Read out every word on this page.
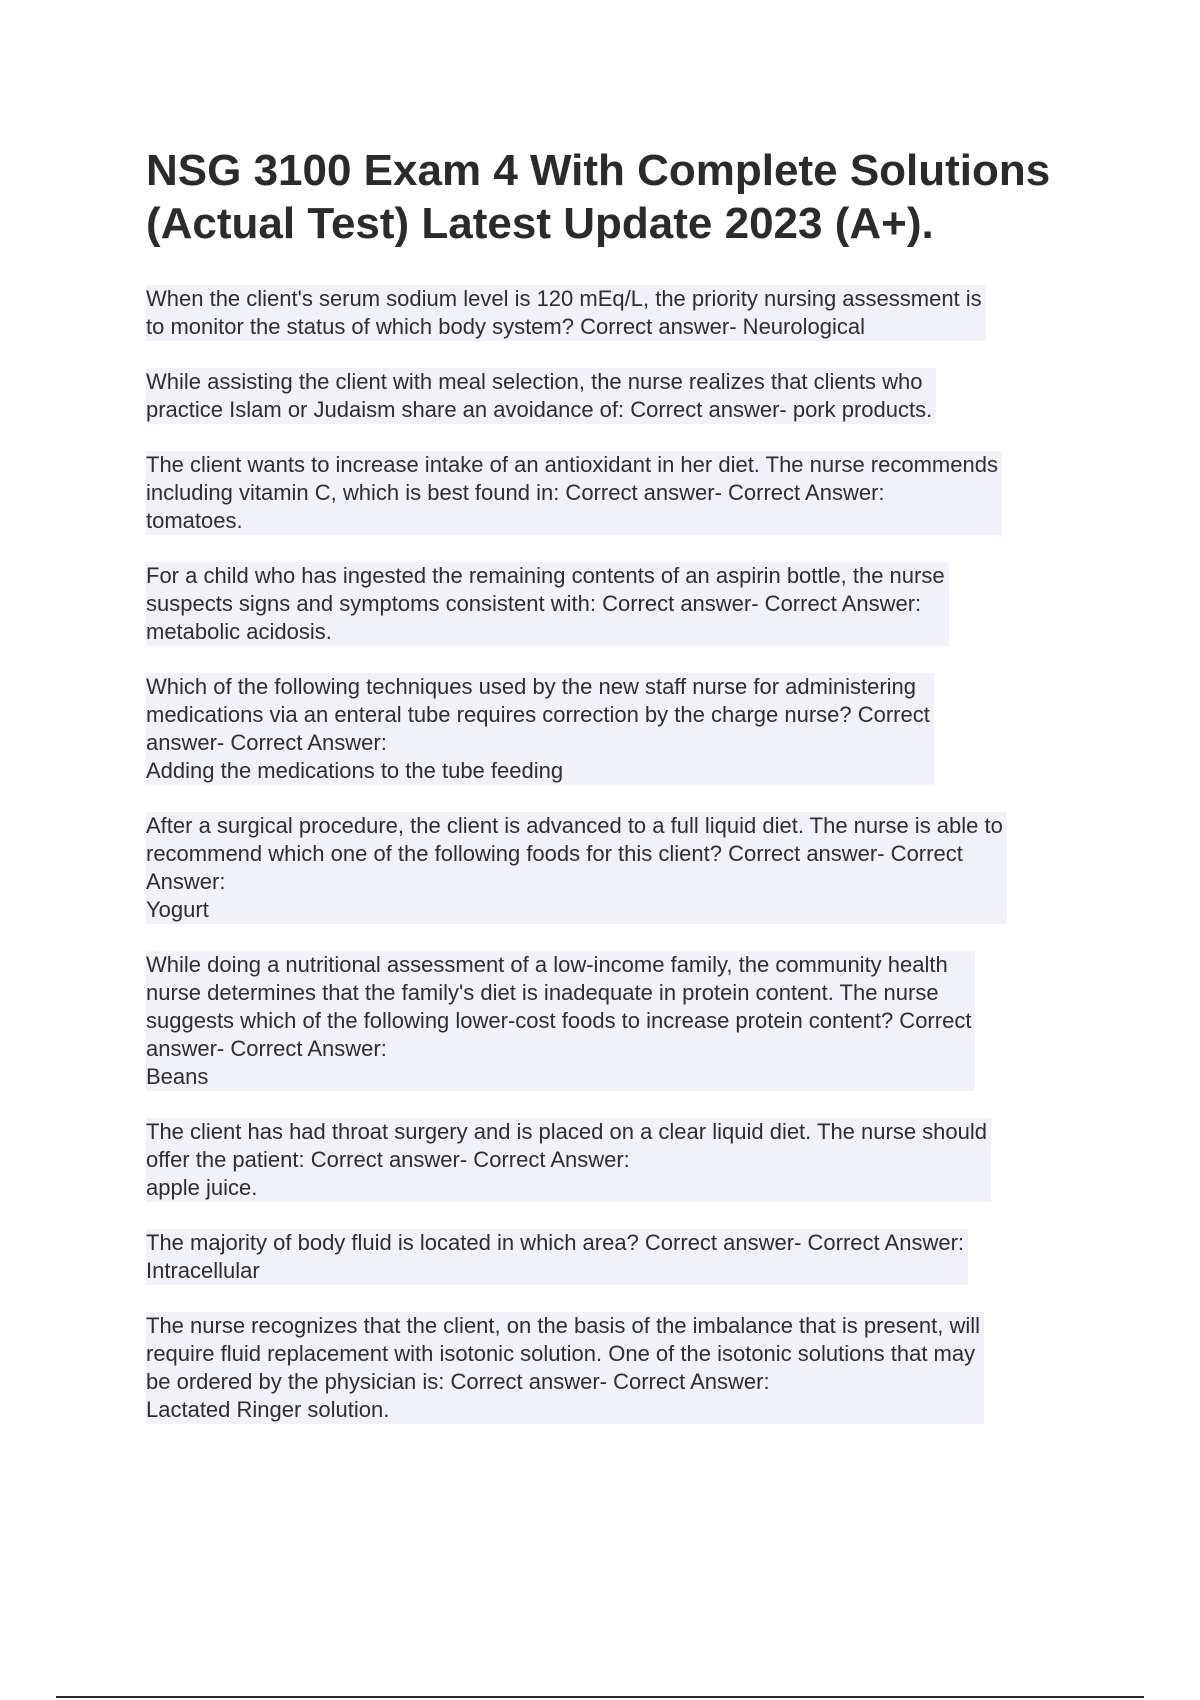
NSG 3100 Exam 4 With Complete Solutions
(Actual Test) Latest Update 2023 (A+).
When the client's serum sodium level is 120 mEq/L, the priority nursing assessment is
to monitor the status of which body system? Correct answer- Neurological
While assisting the client with meal selection, the nurse realizes that clients who
practice Islam or Judaism share an avoidance of: Correct answer- pork products.
The client wants to increase intake of an antioxidant in her diet. The nurse recommends
including vitamin C, which is best found in: Correct answer- Correct Answer:
tomatoes.
For a child who has ingested the remaining contents of an aspirin bottle, the nurse
suspects signs and symptoms consistent with: Correct answer- Correct Answer:
metabolic acidosis.
Which of the following techniques used by the new staff nurse for administering
medications via an enteral tube requires correction by the charge nurse? Correct
answer- Correct Answer:
Adding the medications to the tube feeding
After a surgical procedure, the client is advanced to a full liquid diet. The nurse is able to
recommend which one of the following foods for this client? Correct answer- Correct
Answer:
Yogurt
While doing a nutritional assessment of a low-income family, the community health
nurse determines that the family's diet is inadequate in protein content. The nurse
suggests which of the following lower-cost foods to increase protein content? Correct
answer- Correct Answer:
Beans
The client has had throat surgery and is placed on a clear liquid diet. The nurse should
offer the patient: Correct answer- Correct Answer:
apple juice.
The majority of body fluid is located in which area? Correct answer- Correct Answer:
Intracellular
The nurse recognizes that the client, on the basis of the imbalance that is present, will
require fluid replacement with isotonic solution. One of the isotonic solutions that may
be ordered by the physician is: Correct answer- Correct Answer:
Lactated Ringer solution.
